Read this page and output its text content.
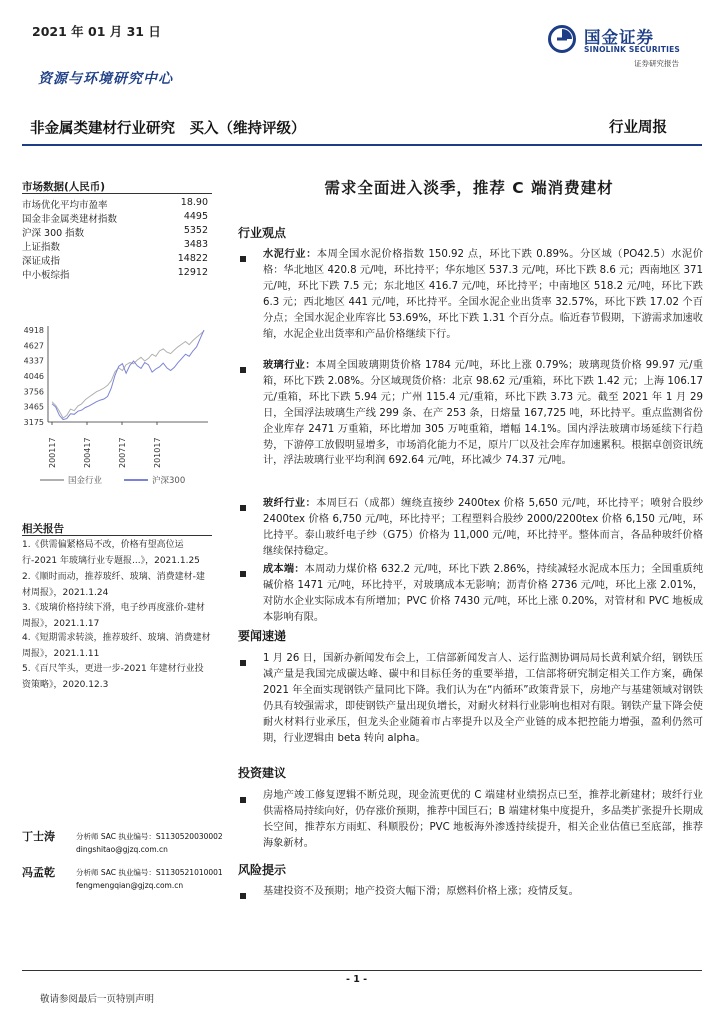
2021 年 01 月 31 日	国金证券
SINOLINK SECURITIES
证券研究报告
资源与环境研究中心
非金属类建材行业研究　买入（维持评级）	行业周报
市场数据(人民币)
市场优化平均市盈率	18.90
国金非金属类建材指数	4495
沪深 300 指数	5352
上证指数	3483
深证成指	14822
中小板综指	12912
4918
4627
4337
4046
3756
3465
3175
200117	200417	200717	201017
国金行业	沪深300
相关报告
1.《供需偏紧格局不改，价格有望高位运行-2021 年玻璃行业专题报...》，2021.1.25
2.《顺时而动，推荐玻纤、玻璃、消费建材-建材周报》，2021.1.24
3.《玻璃价格持续下滑，电子纱再度涨价-建材周报》，2021.1.17
4.《短期需求转淡，推荐玻纤、玻璃、消费建材周报》，2021.1.11
5.《百尺竿头，更进一步-2021 年建材行业投资策略》，2020.12.3
丁士涛	分析师 SAC 执业编号：S1130520030002
dingshitao@gjzq.com.cn
冯孟乾	分析师 SAC 执业编号：S1130521010001
fengmengqian@gjzq.com.cn
需求全面进入淡季，推荐 C 端消费建材
行业观点
水泥行业：本周全国水泥价格指数 150.92 点，环比下跌 0.89%。分区域（PO42.5）水泥价格：华北地区 420.8 元/吨，环比持平；华东地区 537.3 元/吨，环比下跌 8.6 元；西南地区 371 元/吨，环比下跌 7.5 元；东北地区 416.7 元/吨，环比持平；中南地区 518.2 元/吨，环比下跌 6.3 元；西北地区 441 元/吨，环比持平。全国水泥企业出货率 32.57%，环比下跌 17.02 个百分点；全国水泥企业库容比 53.69%，环比下跌 1.31 个百分点。临近春节假期，下游需求加速收缩，水泥企业出货率和产品价格继续下行。
玻璃行业：本周全国玻璃期货价格 1784 元/吨，环比上涨 0.79%；玻璃现货价格 99.97 元/重箱，环比下跌 2.08%。分区域现货价格：北京 98.62 元/重箱，环比下跌 1.42 元；上海 106.17 元/重箱，环比下跌 5.94 元；广州 115.4 元/重箱，环比下跌 3.73 元。截至 2021 年 1 月 29 日，全国浮法玻璃生产线 299 条、在产 253 条，日熔量 167,725 吨，环比持平。重点监测省份企业库存 2471 万重箱，环比增加 305 万吨重箱，增幅 14.1%。国内浮法玻璃市场延续下行趋势，下游停工放假明显增多，市场消化能力不足，原片厂以及社会库存加速累积。根据卓创资讯统计，浮法玻璃行业平均利润 692.64 元/吨，环比减少 74.37 元/吨。
玻纤行业：本周巨石（成都）缠绕直接纱 2400tex 价格 5,650 元/吨，环比持平；喷射合股纱 2400tex 价格 6,750 元/吨，环比持平；工程塑料合股纱 2000/2200tex 价格 6,150 元/吨，环比持平。泰山玻纤电子纱（G75）价格为 11,000 元/吨，环比持平。整体而言，各品种玻纤价格继续保持稳定。
成本端：本周动力煤价格 632.2 元/吨，环比下跌 2.86%，持续减轻水泥成本压力；全国重质纯碱价格 1471 元/吨，环比持平，对玻璃成本无影响；沥青价格 2736 元/吨，环比上涨 2.01%，对防水企业实际成本有所增加；PVC 价格 7430 元/吨，环比上涨 0.20%，对管材和 PVC 地板成本影响有限。
要闻速递
1 月 26 日，国新办新闻发布会上，工信部新闻发言人、运行监测协调局局长黄利斌介绍，钢铁压减产量是我国完成碳达峰、碳中和目标任务的重要举措，工信部将研究制定相关工作方案，确保 2021 年全面实现钢铁产量同比下降。我们认为在“内循环”政策背景下，房地产与基建领域对钢铁仍具有较强需求，即使钢铁产量出现负增长，对耐火材料行业影响也相对有限。钢铁产量下降会使耐火材料行业承压，但龙头企业随着市占率提升以及全产业链的成本把控能力增强，盈利仍然可期，行业逻辑由 beta 转向 alpha。
投资建议
房地产竣工修复逻辑不断兑现，现金流更优的 C 端建材业绩拐点已至，推荐北新建材；玻纤行业供需格局持续向好，仍存涨价预期，推荐中国巨石；B 端建材集中度提升，多品类扩张提升长期成长空间，推荐东方雨虹、科顺股份；PVC 地板海外渗透持续提升，相关企业估值已至底部，推荐海象新材。
风险提示
基建投资不及预期；地产投资大幅下滑；原燃料价格上涨；疫情反复。
- 1 -
敬请参阅最后一页特别声明
